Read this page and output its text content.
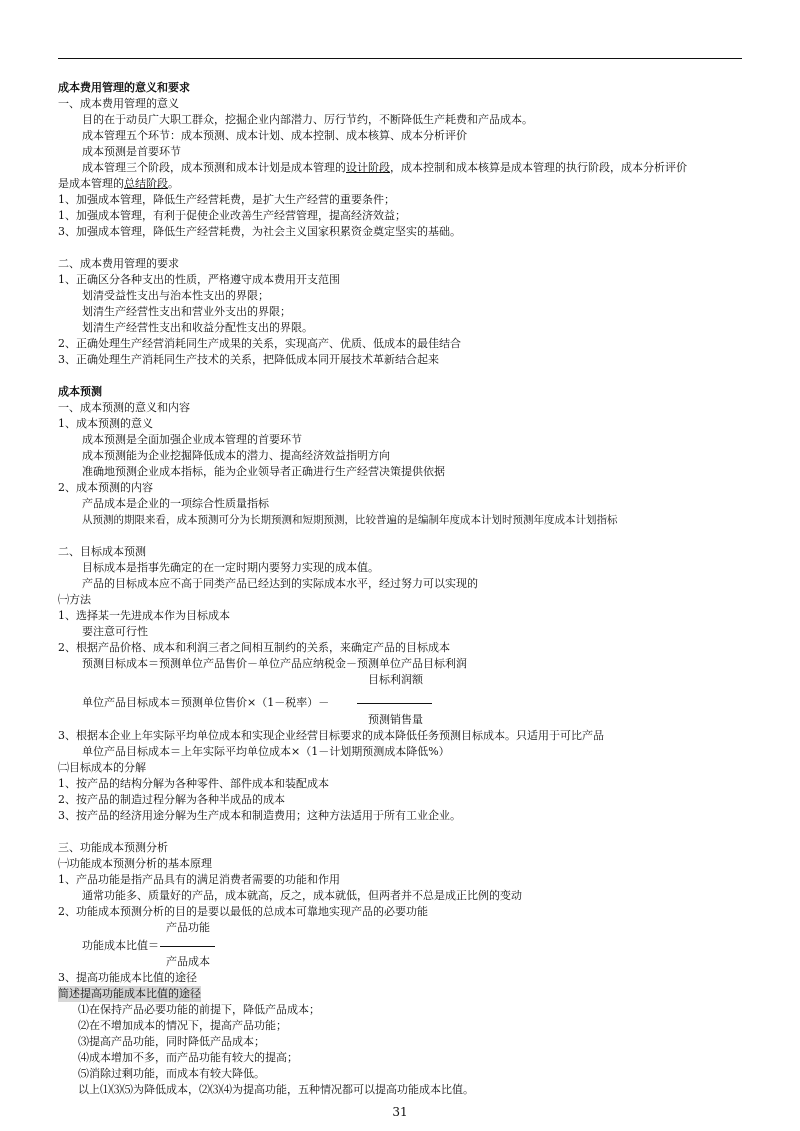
成本费用管理的意义和要求
一、成本费用管理的意义
目的在于动员广大职工群众，挖掘企业内部潜力、厉行节约，不断降低生产耗费和产品成本。
成本管理五个环节：成本预测、成本计划、成本控制、成本核算、成本分析评价
成本预测是首要环节
成本管理三个阶段，成本预测和成本计划是成本管理的设计阶段，成本控制和成本核算是成本管理的执行阶段，成本分析评价
是成本管理的总结阶段。
1、加强成本管理，降低生产经营耗费，是扩大生产经营的重要条件；
1、加强成本管理，有利于促使企业改善生产经营管理，提高经济效益；
3、加强成本管理，降低生产经营耗费，为社会主义国家积累资金奠定坚实的基础。
二、成本费用管理的要求
1、正确区分各种支出的性质，严格遵守成本费用开支范围
划清受益性支出与治本性支出的界限；
划清生产经营性支出和营业外支出的界限；
划清生产经营性支出和收益分配性支出的界限。
2、正确处理生产经营消耗同生产成果的关系，实现高产、优质、低成本的最佳结合
3、正确处理生产消耗同生产技术的关系，把降低成本同开展技术革新结合起来
成本预测
一、成本预测的意义和内容
1、成本预测的意义
成本预测是全面加强企业成本管理的首要环节
成本预测能为企业挖掘降低成本的潜力、提高经济效益指明方向
准确地预测企业成本指标，能为企业领导者正确进行生产经营决策提供依据
2、成本预测的内容
产品成本是企业的一项综合性质量指标
从预测的期限来看，成本预测可分为长期预测和短期预测，比较普遍的是编制年度成本计划时预测年度成本计划指标
二、目标成本预测
目标成本是指事先确定的在一定时期内要努力实现的成本值。
产品的目标成本应不高于同类产品已经达到的实际成本水平，经过努力可以实现的
㈠方法
1、选择某一先进成本作为目标成本
要注意可行性
2、根据产品价格、成本和利润三者之间相互制约的关系，来确定产品的目标成本
预测目标成本＝预测单位产品售价－单位产品应纳税金－预测单位产品目标利润
目标利润额
单位产品目标成本＝预测单位售价×（1－税率）－
预测销售量
3、根据本企业上年实际平均单位成本和实现企业经营目标要求的成本降低任务预测目标成本。只适用于可比产品
单位产品目标成本＝上年实际平均单位成本×（1－计划期预测成本降低%）
㈡目标成本的分解
1、按产品的结构分解为各种零件、部件成本和装配成本
2、按产品的制造过程分解为各种半成品的成本
3、按产品的经济用途分解为生产成本和制造费用；这种方法适用于所有工业企业。
三、功能成本预测分析
㈠功能成本预测分析的基本原理
1、产品功能是指产品具有的满足消费者需要的功能和作用
通常功能多、质量好的产品，成本就高，反之，成本就低，但两者并不总是成正比例的变动
2、功能成本预测分析的目的是要以最低的总成本可靠地实现产品的必要功能
产品功能
功能成本比值＝
产品成本
3、提高功能成本比值的途径
简述提高功能成本比值的途径
⑴在保持产品必要功能的前提下，降低产品成本；
⑵在不增加成本的情况下，提高产品功能；
⑶提高产品功能，同时降低产品成本；
⑷成本增加不多，而产品功能有较大的提高；
⑸消除过剩功能，而成本有较大降低。
以上⑴⑶⑸为降低成本，⑵⑶⑷为提高功能，五种情况都可以提高功能成本比值。
31
